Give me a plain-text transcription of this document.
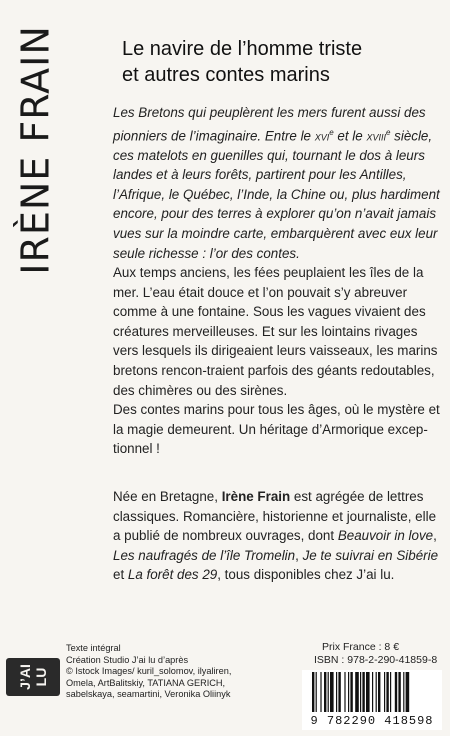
IRÈNE FRAIN	Le navire de l’homme triste
et autres contes marins
Les Bretons qui peuplèrent les mers furent aussi des pionniers de l’imaginaire. Entre le xvi$^e$ et le xviii$^e$ siècle, ces matelots en guenilles qui, tournant le dos à leurs landes et à leurs forêts, partirent pour les Antilles, l’Afrique, le Québec, l’Inde, la Chine ou, plus hardiment encore, pour des terres à explorer qu’on n’avait jamais vues sur la moindre carte, embarquèrent avec eux leur seule richesse : l’or des contes.

Aux temps anciens, les fées peuplaient les îles de la mer. L’eau était douce et l’on pouvait s’y abreuver comme à une fontaine. Sous les vagues vivaient des créatures merveilleuses. Et sur les lointains rivages vers lesquels ils dirigeaient leurs vaisseaux, les marins bretons rencon-traient parfois des géants redoutables, des chimères ou des sirènes.

Des contes marins pour tous les âges, où le mystère et la magie demeurent. Un héritage d’Armorique excep-tionnel !

Née en Bretagne, Irène Frain est agrégée de lettres classiques. Romancière, historienne et journaliste, elle a publié de nombreux ouvrages, dont Beauvoir in love, Les naufragés de l’île Tromelin, Je te suivrai en Sibérie et La forêt des 29, tous disponibles chez J’ai lu.

J’AI LU
Texte intégral
Création Studio J’ai lu d’après
© Istock Images/ kuril_solomov, ilyaliren,
Omela, ArtBalitskiy, TATIANA GERICH,
sabelskaya, seamartini, Veronika Oliinyk
Prix France : 8 €
ISBN : 978-2-290-41859-8
9 782290 418598
